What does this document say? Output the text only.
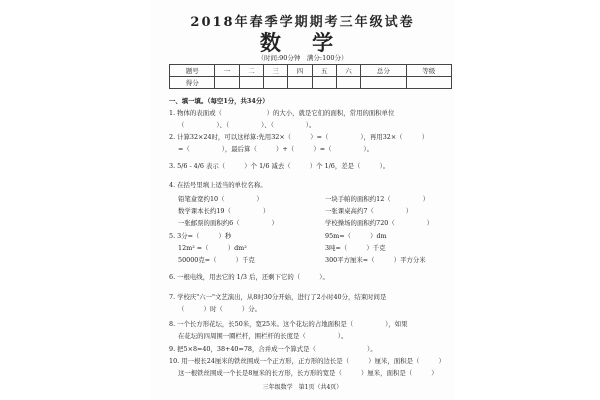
2018年春季学期期考三年级试卷
数 学
（时间:90分钟　满分:100分）
题号	一	二	三	四	五	六	总分	等级
得分								
一、填一填。（每空1分，共34分）
1. 物体的表面或（　　　　　　　）的大小，就是它们的面积，常用的面积单位
（　　　　　）、（　　　　　）、（　　　　　）。
2. 计算32×24时，可以这样算:先用32×（　　　）=（　　　　　），再用32×（　　　）
=（　　　　　），最后算（　　　）+（　　　）=（　　　　　）。
3. 5/6 - 4/6 表示（　　　）个 1/6 减去（　　　）个 1/6，差是（　　　）。
4. 在括号里填上适当的单位名称。
铅笔盒宽约10（　　　　　）	一块手帕的面积约12（　　　　　）
数学课本长约19（　　　　　）	一张课桌高约7（　　　　　）
一张邮票的面积约6（　　　　　）	学校操场的面积约720（　　　　　）
5. 3分=（　　　）秒	95m=（　　　）dm
12m² =（　　　）dm²	3吨=（　　　）千克
50000克=（　　　）千克	300平方厘米=（　　　）平方分米
6. 一根电线，用去它的 1/3 后，还剩下它的（　　　）。
7. 学校庆"六一"文艺演出，从8时30分开始，进行了2小时40分，结束时间是
（　　　）时（　　　）分。
8. 一个长方形花坛，长50米，宽25米。这个花坛的占地面积是（　　　　　），如果
在花坛的四周围一圈栏杆，围栏杆的长度是（　　　　　）。
9. 把5×8=40，38+40=78，合并成一个算式是（　　　　　　　　）。
10. 用一根长24厘米的铁丝围成一个正方形，正方形的边长是（　　　）厘米，面积是（　　　）
这一根铁丝围成一个长是8厘米的长方形，长方形的宽是（　　　）厘米，面积是（　　　）
三年级数学　第1页（共4页）
